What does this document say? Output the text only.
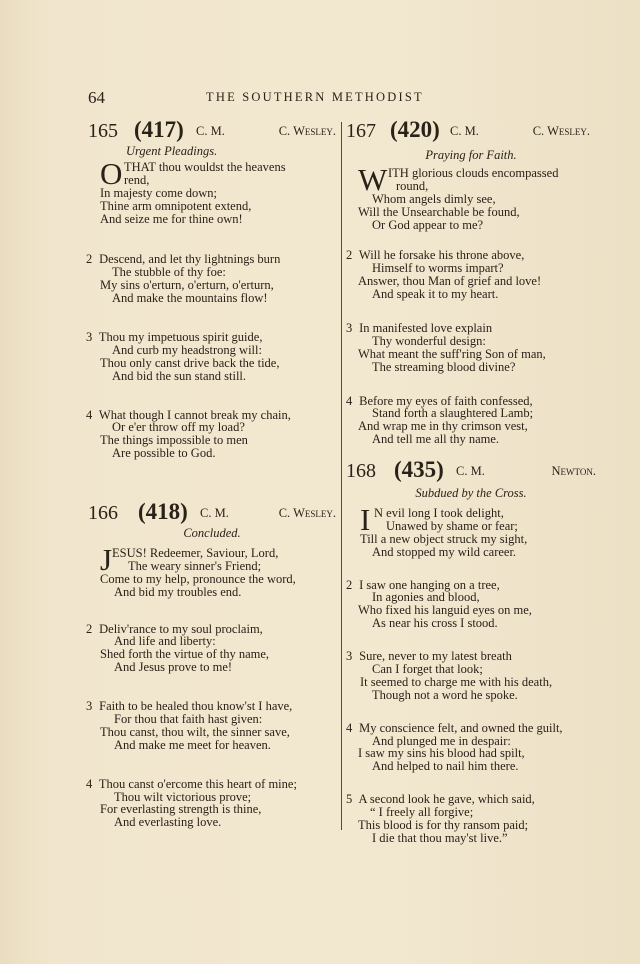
64	THE SOUTHERN METHODIST
165 (417) C. M.	C. Wesley.
Urgent Pleadings.
O THAT thou wouldst the heavens
rend,
In majesty come down;
Thine arm omnipotent extend,
And seize me for thine own!
2 Descend, and let thy lightnings burn
The stubble of thy foe:
My sins o'erturn, o'erturn, o'erturn,
And make the mountains flow!
3 Thou my impetuous spirit guide,
And curb my headstrong will:
Thou only canst drive back the tide,
And bid the sun stand still.
4 What though I cannot break my chain,
Or e'er throw off my load?
The things impossible to men
Are possible to God.
166 (418) C. M.	C. Wesley.
Concluded.
J ESUS! Redeemer, Saviour, Lord,
The weary sinner's Friend;
Come to my help, pronounce the word,
And bid my troubles end.
2 Deliv'rance to my soul proclaim,
And life and liberty:
Shed forth the virtue of thy name,
And Jesus prove to me!
3 Faith to be healed thou know'st I have,
For thou that faith hast given:
Thou canst, thou wilt, the sinner save,
And make me meet for heaven.
4 Thou canst o'ercome this heart of mine;
Thou wilt victorious prove;
For everlasting strength is thine,
And everlasting love.
167 (420) C. M.	C. Wesley.
Praying for Faith.
W ITH glorious clouds encompassed
round,
Whom angels dimly see,
Will the Unsearchable be found,
Or God appear to me?
2 Will he forsake his throne above,
Himself to worms impart?
Answer, thou Man of grief and love!
And speak it to my heart.
3 In manifested love explain
Thy wonderful design:
What meant the suff'ring Son of man,
The streaming blood divine?
4 Before my eyes of faith confessed,
Stand forth a slaughtered Lamb;
And wrap me in thy crimson vest,
And tell me all thy name.
168 (435) C. M.	Newton.
Subdued by the Cross.
I N evil long I took delight,
Unawed by shame or fear;
Till a new object struck my sight,
And stopped my wild career.
2 I saw one hanging on a tree,
In agonies and blood,
Who fixed his languid eyes on me,
As near his cross I stood.
3 Sure, never to my latest breath
Can I forget that look;
It seemed to charge me with his death,
Though not a word he spoke.
4 My conscience felt, and owned the guilt,
And plunged me in despair:
I saw my sins his blood had spilt,
And helped to nail him there.
5 A second look he gave, which said,
“ I freely all forgive;
This blood is for thy ransom paid;
I die that thou may'st live.”
